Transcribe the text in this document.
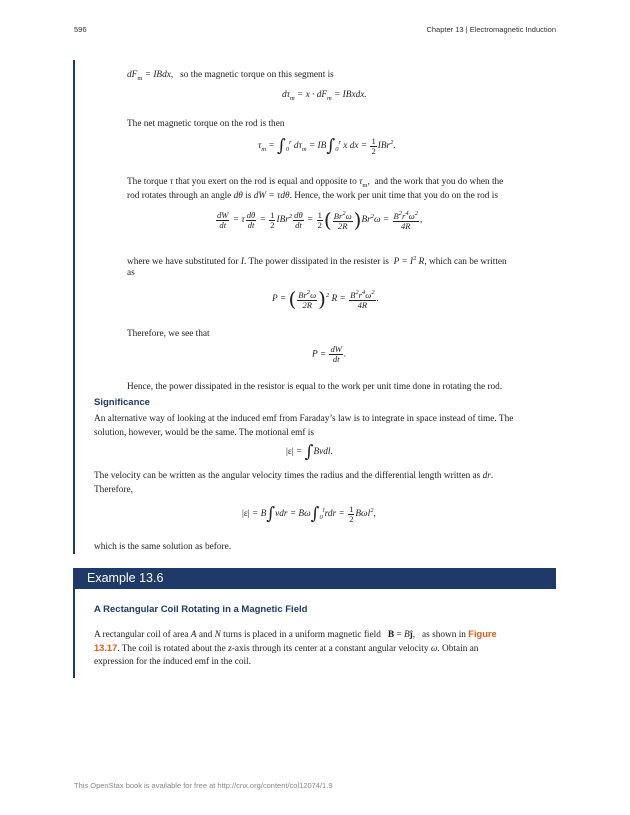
596	Chapter 13 | Electromagnetic Induction
$dF_m$ = IBdx,   so the magnetic torque on this segment is
$d\tau_m = x \cdot dF_m$ = IBxdx.
The net magnetic torque on the rod is then
$\tau_m = \int_0^r$ $d\tau_m = IB\int_0^r$ x dx = $\frac{1}{2} IBr^2$.
The torque τ that you exert on the rod is equal and opposite to $\tau_m$,  and the work that you do when the
rod rotates through an angle dθ is dW = τdθ. Hence, the work per unit time that you do on the rod is
$\frac{dW}{dt} = \tau \frac{d\theta}{dt} = \frac{1}{2} IBr^2 \frac{d\theta}{dt} = \frac{1}{2}$ ( $\frac{Br^2\omega}{2R} )Br^2\omega = \frac{B^2r^4\omega^2}{4R}$ ,
where we have substituted for I. The power dissipated in the resister is $P = I^2$ R, which can be written
as
P = ( $\frac{Br^2\omega}{2R} )^2$ $R = \frac{B^2r^4\omega^2}{4R}$ .
Therefore, we see that
$P = \frac{dW}{dt}$ .
Hence, the power dissipated in the resistor is equal to the work per unit time done in rotating the rod.
Significance
An alternative way of looking at the induced emf from Faraday’s law is to integrate in space instead of time. The
solution, however, would be the same. The motional emf is
|ε| = ∫Bvdl.
The velocity can be written as the angular velocity times the radius and the differential length written as dr.
Therefore,
$|\varepsilon| = B\int vdr = B\omega\int_0^lrdr = \frac{1}{2} B\omega l^2$,
which is the same solution as before.
Example 13.6
A Rectangular Coil Rotating in a Magnetic Field
A rectangular coil of area A and N turns is placed in a uniform magnetic field B = Bĵ,   as shown in Figure
13.17. The coil is rotated about the z-axis through its center at a constant angular velocity ω. Obtain an
expression for the induced emf in the coil.
This OpenStax book is available for free at http://cnx.org/content/col12074/1.9
